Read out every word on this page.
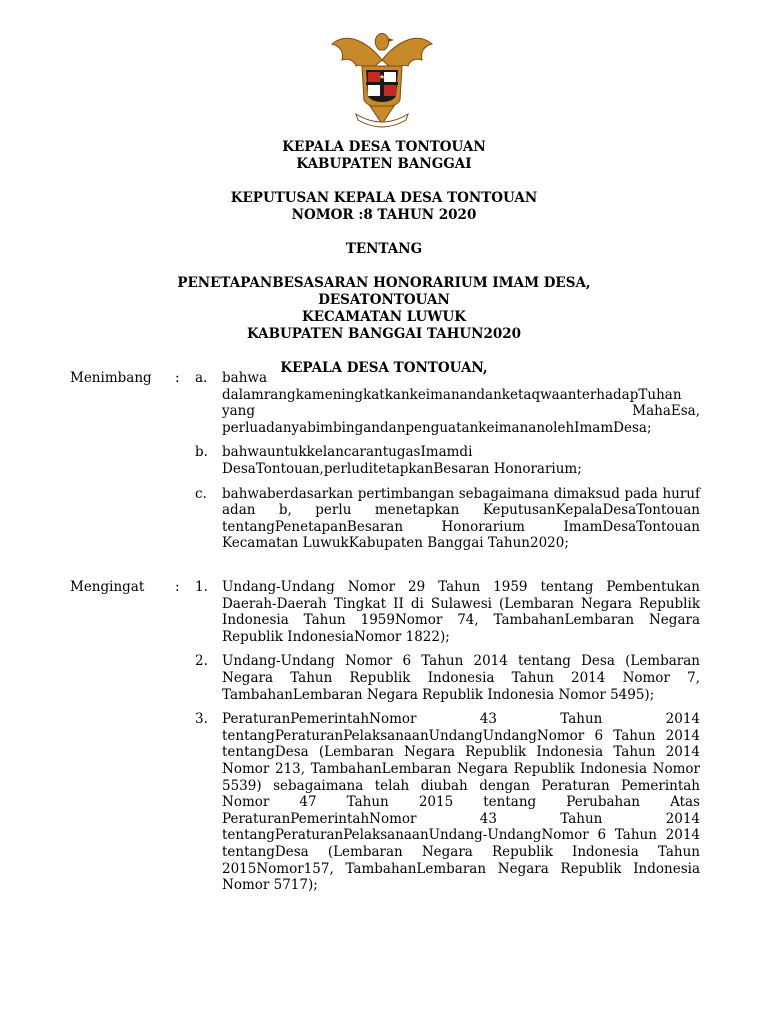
KEPALA DESA TONTOUAN
KABUPATEN BANGGAI
KEPUTUSAN KEPALA DESA TONTOUAN
NOMOR :8 TAHUN 2020
TENTANG
PENETAPANBESASARAN HONORARIUM IMAM DESA,
DESATONTOUAN
KECAMATAN LUWUK
KABUPATEN BANGGAI TAHUN2020
KEPALA DESA TONTOUAN,
Menimbang	:	a.	bahwa dalamrangkameningkatkankeimanandanketaqwaanterhadapTuhan yang MahaEsa, perluadanyabimbingandanpenguatankeimananolehImamDesa;
b.	bahwauntukkelancarantugasImamdi DesaTontouan,perluditetapkanBesaran Honorarium;
c.	bahwaberdasarkan pertimbangan sebagaimana dimaksud pada huruf adan b, perlu menetapkan KeputusanKepalaDesaTontouan tentangPenetapanBesaran Honorarium ImamDesaTontouan Kecamatan LuwukKabupaten Banggai Tahun2020;
Mengingat	:	1.	Undang-Undang Nomor 29 Tahun 1959 tentang Pembentukan Daerah-Daerah Tingkat II di Sulawesi (Lembaran Negara Republik Indonesia Tahun 1959Nomor 74, TambahanLembaran Negara Republik IndonesiaNomor 1822);
2.	Undang-Undang Nomor 6 Tahun 2014 tentang Desa (Lembaran Negara Tahun Republik Indonesia Tahun 2014 Nomor 7, TambahanLembaran Negara Republik Indonesia Nomor 5495);
3.	PeraturanPemerintahNomor 43 Tahun 2014 tentangPeraturanPelaksanaanUndangUndangNomor 6 Tahun 2014 tentangDesa (Lembaran Negara Republik Indonesia Tahun 2014 Nomor 213, TambahanLembaran Negara Republik Indonesia Nomor 5539) sebagaimana telah diubah dengan Peraturan Pemerintah Nomor 47 Tahun 2015 tentang Perubahan Atas PeraturanPemerintahNomor 43 Tahun 2014 tentangPeraturanPelaksanaanUndang-UndangNomor 6 Tahun 2014 tentangDesa (Lembaran Negara Republik Indonesia Tahun 2015Nomor157, TambahanLembaran Negara Republik Indonesia Nomor 5717);
